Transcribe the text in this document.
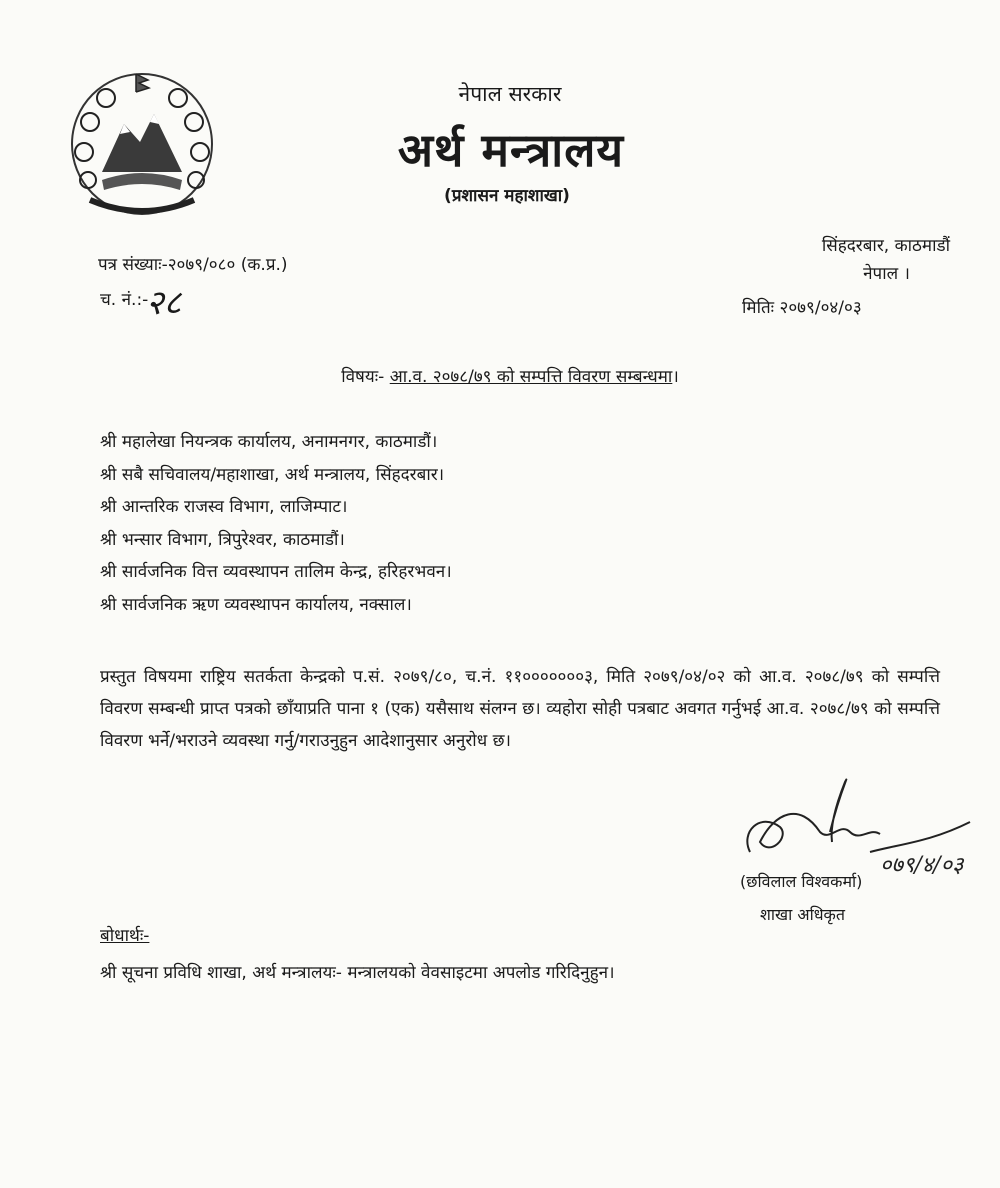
नेपाल सरकार
अर्थ मन्त्रालय
(प्रशासन महाशाखा)
पत्र संख्याः-२०७९/०८० (क.प्र.)
च. नं.:-
२८
सिंहदरबार, काठमाडौं
नेपाल ।
मितिः २०७९/०४/०३
विषयः- आ.व. २०७८/७९ को सम्पत्ति विवरण सम्बन्धमा।
श्री महालेखा नियन्त्रक कार्यालय, अनामनगर, काठमाडौं।
श्री सबै सचिवालय/महाशाखा, अर्थ मन्त्रालय, सिंहदरबार।
श्री आन्तरिक राजस्व विभाग, लाजिम्पाट।
श्री भन्सार विभाग, त्रिपुरेश्वर, काठमाडौं।
श्री सार्वजनिक वित्त व्यवस्थापन तालिम केन्द्र, हरिहरभवन।
श्री सार्वजनिक ऋण व्यवस्थापन कार्यालय, नक्साल।

प्रस्तुत विषयमा राष्ट्रिय सतर्कता केन्द्रको प.सं. २०७९/८०, च.नं. ११०००००००३, मिति २०७९/०४/०२ को आ.व. २०७८/७९ को सम्पत्ति विवरण सम्बन्धी प्राप्त पत्रको छाँयाप्रति पाना १ (एक) यसैसाथ संलग्न छ। व्यहोरा सोही पत्रबाट अवगत गर्नुभई आ.व. २०७८/७९ को सम्पत्ति विवरण भर्ने/भराउने व्यवस्था गर्नु/गराउनुहुन आदेशानुसार अनुरोध छ।

०७९/४/०३
(छविलाल विश्वकर्मा)
शाखा अधिकृत
बोधार्थः-
श्री सूचना प्रविधि शाखा, अर्थ मन्त्रालयः- मन्त्रालयको वेवसाइटमा अपलोड गरिदिनुहुन।
